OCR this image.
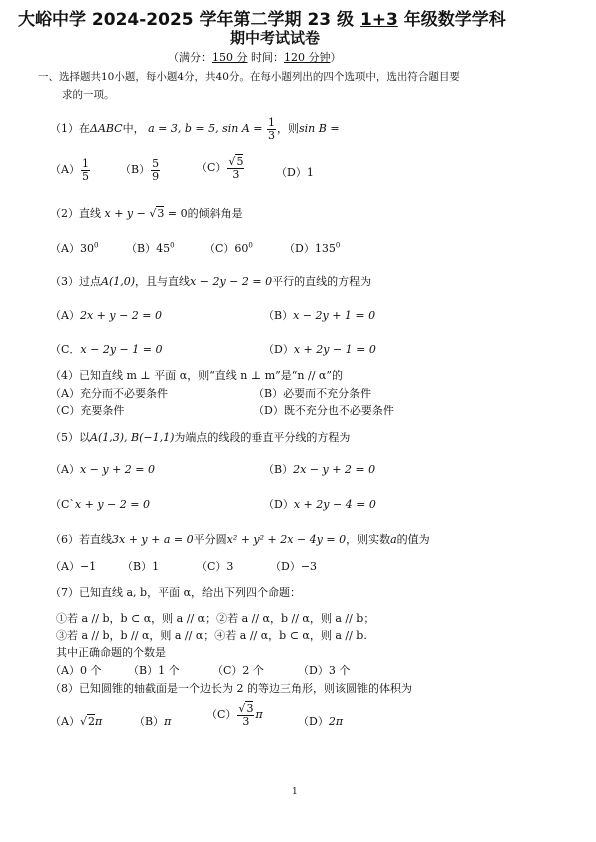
大峪中学 2024-2025 学年第二学期 23 级 1+3 年级数学学科
期中考试试卷
（满分：150 分 时间：120 分钟）
一、选择题共10小题，每小题4分，共40分。在每小题列出的四个选项中，选出符合题目要
求的一项。
（1）在ΔABC中， a = 3, b = 5, $\sin A = \frac{1}{3}$ ，则sin B =
$(A) \frac{1}{5}$	$(B) \frac{5}{9}$	$(C) \frac{√5}{3}$	（D）1
（2）直线 x + y − √3 = 0的倾斜角是
$(A)30^0$	$(B)45^0$	$(C)60^0$	$(D)135^0$
（3）过点A(1,0)，且与直线x − 2y − 2 = 0平行的直线的方程为
（A）2x + y − 2 = 0	（B）x − 2y + 1 = 0
（C．x − 2y − 1 = 0	（D）x + 2y − 1 = 0
（4）已知直线 m ⊥ 平面 α，则“直线 n ⊥ m”是“n // α”的
（A）充分而不必要条件	（B）必要而不充分条件
（C）充要条件	（D）既不充分也不必要条件
（5）以A(1,3), B(−1,1)为端点的线段的垂直平分线的方程为
（A）x − y + 2 = 0	（B）2x − y + 2 = 0
（C`x + y − 2 = 0	（D）x + 2y − 4 = 0
（6）若直线3x + y + a = 0平分圆x² + y² + 2x − 4y = 0，则实数a的值为
（A）−1 （B）1	（C）3	（D）−3
（7）已知直线 a, b，平面 α，给出下列四个命题：
①若 a // b，b ⊂ α，则 a // α；②若 a // α，b // α，则 a // b；
③若 a // b，b // α，则 a // α；④若 a // α，b ⊂ α，则 a // b.
其中正确命题的个数是
（A）0 个 （B）1 个	（C）2 个	（D）3 个
（8）已知圆锥的轴截面是一个边长为 2 的等边三角形，则该圆锥的体积为
（A）√2π	（B）π
$(C) \frac{√3}{3}$ π
（D）2π
1
